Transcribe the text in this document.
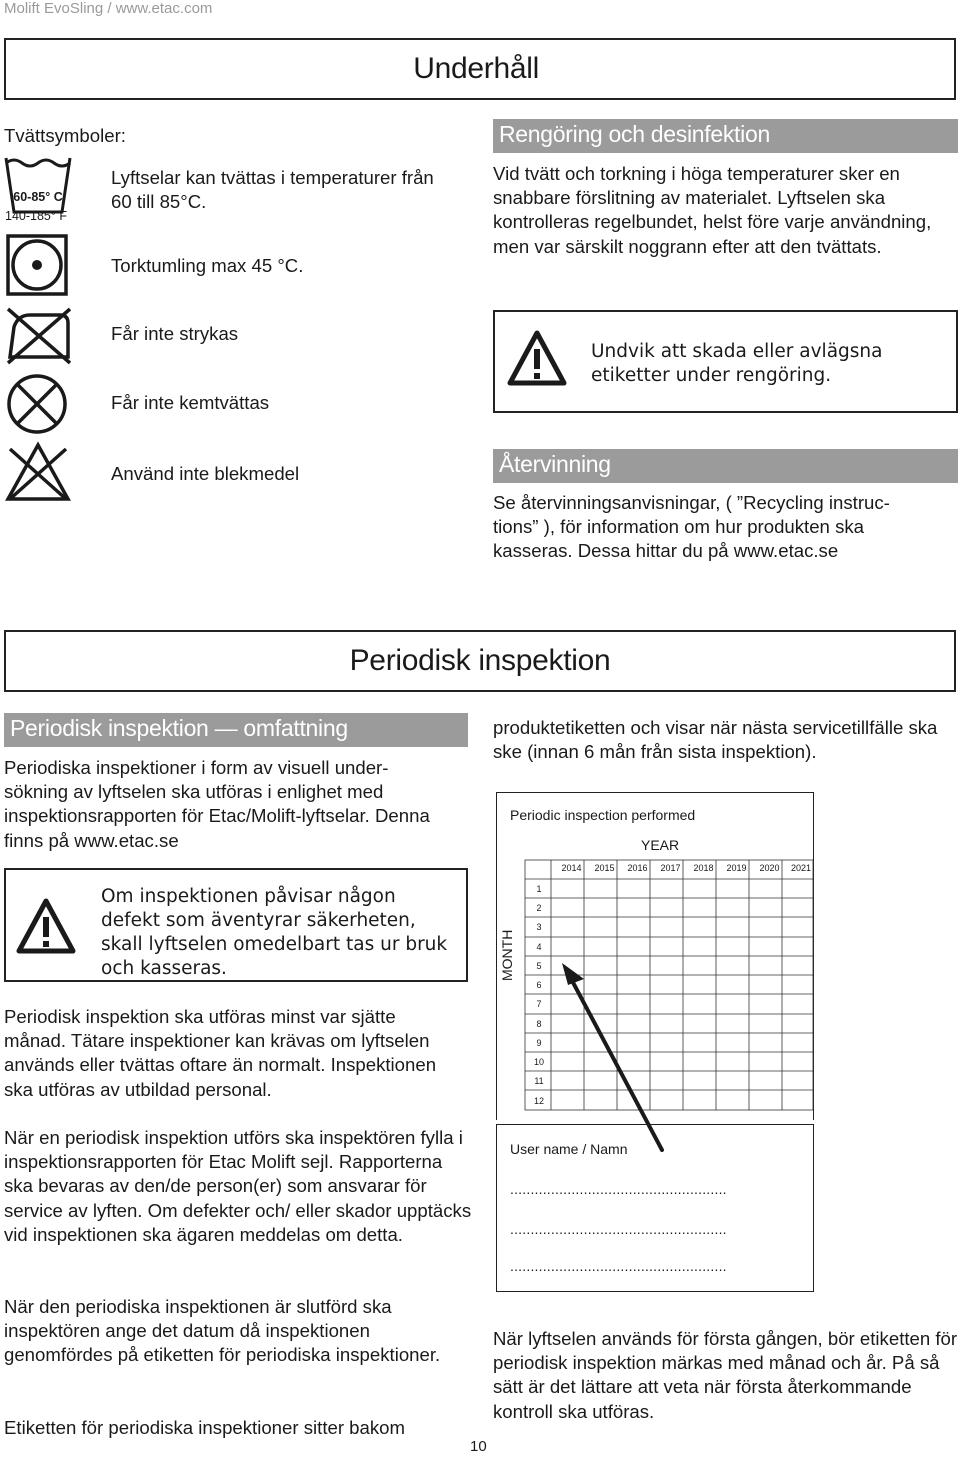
Molift EvoSling / www.etac.com
Underhåll
Tvättsymboler:
60-85° C
140-185° F
Lyftselar kan tvättas i temperaturer från 60 till 85°C.
Torktumling max 45 °C.
Får inte strykas
Får inte kemtvättas
Använd inte blekmedel
Rengöring och desinfektion
Vid tvätt och torkning i höga temperaturer sker en snabbare förslitning av materialet. Lyftselen ska kontrolleras regelbundet, helst före varje användning, men var särskilt noggrann efter att den tvättats.
Undvik att skada eller avlägsna etiketter under rengöring.
Återvinning
Se återvinningsanvisningar, ( ”Recycling instruc-tions” ), för information om hur produkten ska kasseras. Dessa hittar du på www.etac.se
Periodisk inspektion
Periodisk inspektion — omfattning
Periodiska inspektioner i form av visuell under-sökning av lyftselen ska utföras i enlighet med inspektionsrapporten för Etac/Molift-lyftselar. Denna finns på www.etac.se
Om inspektionen påvisar någon defekt som äventyrar säkerheten, skall lyftselen omedelbart tas ur bruk och kasseras.
Periodisk inspektion ska utföras minst var sjätte månad. Tätare inspektioner kan krävas om lyftselen används eller tvättas oftare än normalt. Inspektionen ska utföras av utbildad personal.
När en periodisk inspektion utförs ska inspektören fylla i inspektionsrapporten för Etac Molift sejl. Rapporterna ska bevaras av den/de person(er) som ansvarar för service av lyften. Om defekter och/ eller skador upptäcks vid inspektionen ska ägaren meddelas om detta.
När den periodiska inspektionen är slutförd ska inspektören ange det datum då inspektionen genomfördes på etiketten för periodiska inspektioner.
Etiketten för periodiska inspektioner sitter bakom
produktetiketten och visar när nästa servicetillfälle ska ske (innan 6 mån från sista inspektion).
Periodic inspection performed
YEAR
MONTH
2014	2015	2016	2017	2018	2019	2020	2021
1
2
3
4
5
6
7
8
9
10
11
12
User name / Namn
.....................................................
.....................................................
.....................................................
När lyftselen används för första gången, bör etiketten för periodisk inspektion märkas med månad och år. På så sätt är det lättare att veta när första återkommande kontroll ska utföras.
10
